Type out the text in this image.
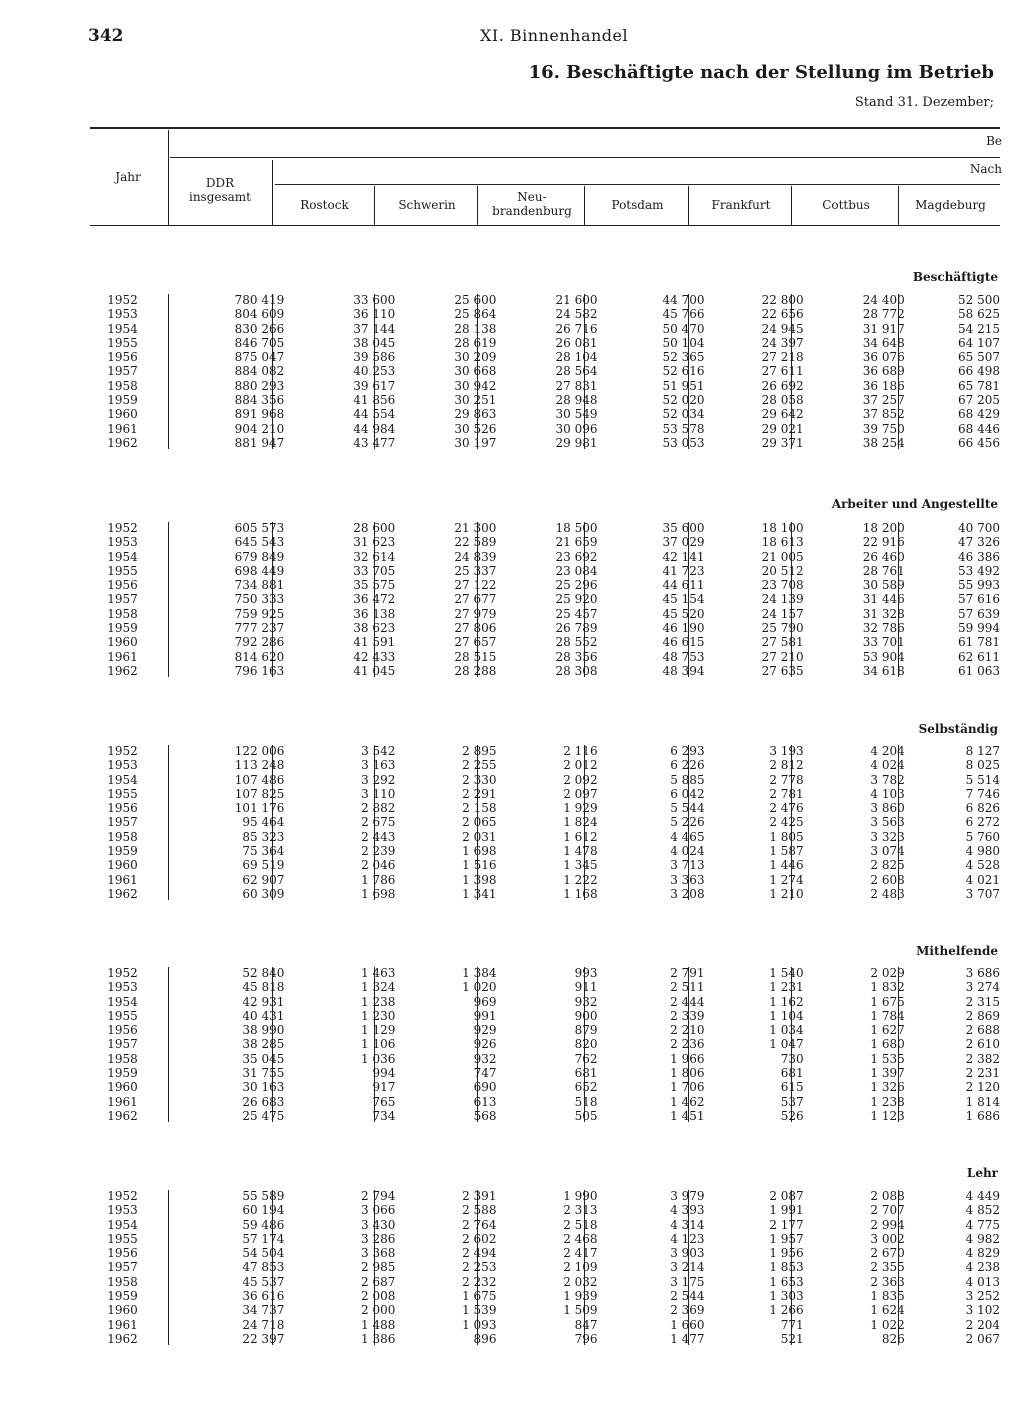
342	XI. Binnenhandel
16. Beschäftigte nach der Stellung im Betrieb
Stand 31. Dezember;
Jahr	DDR
insgesamt
Be
Nach
Rostock	Schwerin
Neu-
brandenburg	Potsdam	Frankfurt	Cottbus	Magdeburg
Beschäftigte
Arbeiter und Angestellte
Selbständig
Mithelfende
Lehr
1952	780 419	33 600	25 600	21 600	44 700	22 800	24 400	52 500
1953	804 609	36 110	25 864	24 582	45 766	22 656	28 772	58 625
1954	830 266	37 144	28 138	26 716	50 470	24 945	31 917	54 215
1955	846 705	38 045	28 619	26 081	50 104	24 397	34 648	64 107
1956	875 047	39 586	30 209	28 104	52 365	27 218	36 076	65 507
1957	884 082	40 253	30 668	28 564	52 616	27 611	36 689	66 498
1958	880 293	39 617	30 942	27 831	51 951	26 692	36 186	65 781
1959	884 356	41 856	30 251	28 948	52 020	28 058	37 257	67 205
1960	891 968	44 554	29 863	30 549	52 034	29 642	37 852	68 429
1961	904 210	44 984	30 526	30 096	53 578	29 021	39 750	68 446
1962	881 947	43 477	30 197	29 981	53 053	29 371	38 254	66 456
1952	605 573	28 600	21 300	18 500	35 600	18 100	18 200	40 700
1953	645 543	31 623	22 589	21 659	37 029	18 613	22 916	47 326
1954	679 849	32 614	24 839	23 692	42 141	21 005	26 460	46 386
1955	698 449	33 705	25 337	23 084	41 723	20 512	28 761	53 492
1956	734 881	35 575	27 122	25 296	44 611	23 708	30 589	55 993
1957	750 333	36 472	27 677	25 920	45 154	24 139	31 446	57 616
1958	759 925	36 138	27 979	25 457	45 520	24 157	31 328	57 639
1959	777 237	38 623	27 806	26 789	46 190	25 790	32 786	59 994
1960	792 286	41 591	27 657	28 552	46 615	27 581	33 701	61 781
1961	814 620	42 433	28 515	28 356	48 753	27 210	53 904	62 611
1962	796 163	41 045	28 288	28 308	48 394	27 635	34 618	61 063
1952	122 006	3 542	2 895	2 116	6 293	3 193	4 204	8 127
1953	113 248	3 163	2 255	2 012	6 226	2 812	4 024	8 025
1954	107 486	3 292	2 330	2 092	5 885	2 778	3 782	5 514
1955	107 825	3 110	2 291	2 097	6 042	2 781	4 103	7 746
1956	101 176	2 882	2 158	1 929	5 544	2 476	3 860	6 826
1957	95 464	2 675	2 065	1 824	5 226	2 425	3 563	6 272
1958	85 323	2 443	2 031	1 612	4 465	1 805	3 323	5 760
1959	75 364	2 239	1 698	1 478	4 024	1 587	3 074	4 980
1960	69 519	2 046	1 516	1 345	3 713	1 446	2 825	4 528
1961	62 907	1 786	1 398	1 222	3 363	1 274	2 608	4 021
1962	60 309	1 698	1 341	1 168	3 208	1 210	2 483	3 707
1952	52 840	1 463	1 384	993	2 791	1 540	2 029	3 686
1953	45 818	1 324	1 020	911	2 511	1 231	1 832	3 274
1954	42 931	1 238	969	932	2 444	1 162	1 675	2 315
1955	40 431	1 230	991	900	2 339	1 104	1 784	2 869
1956	38 990	1 129	929	879	2 210	1 034	1 627	2 688
1957	38 285	1 106	926	820	2 236	1 047	1 680	2 610
1958	35 045	1 036	932	762	1 966	730	1 535	2 382
1959	31 755	994	747	681	1 806	681	1 397	2 231
1960	30 163	917	690	652	1 706	615	1 326	2 120
1961	26 683	765	613	518	1 462	537	1 238	1 814
1962	25 475	734	568	505	1 451	526	1 123	1 686
1952	55 589	2 794	2 391	1 990	3 979	2 087	2 088	4 449
1953	60 194	3 066	2 588	2 313	4 393	1 991	2 707	4 852
1954	59 486	3 430	2 764	2 518	4 314	2 177	2 994	4 775
1955	57 174	3 286	2 602	2 468	4 123	1 957	3 002	4 982
1956	54 504	3 368	2 494	2 417	3 903	1 956	2 670	4 829
1957	47 853	2 985	2 253	2 109	3 214	1 853	2 355	4 238
1958	45 537	2 687	2 232	2 032	3 175	1 653	2 363	4 013
1959	36 616	2 008	1 675	1 939	2 544	1 303	1 835	3 252
1960	34 737	2 000	1 539	1 509	2 369	1 266	1 624	3 102
1961	24 718	1 488	1 093	847	1 660	771	1 022	2 204
1962	22 397	1 386	896	796	1 477	521	826	2 067
